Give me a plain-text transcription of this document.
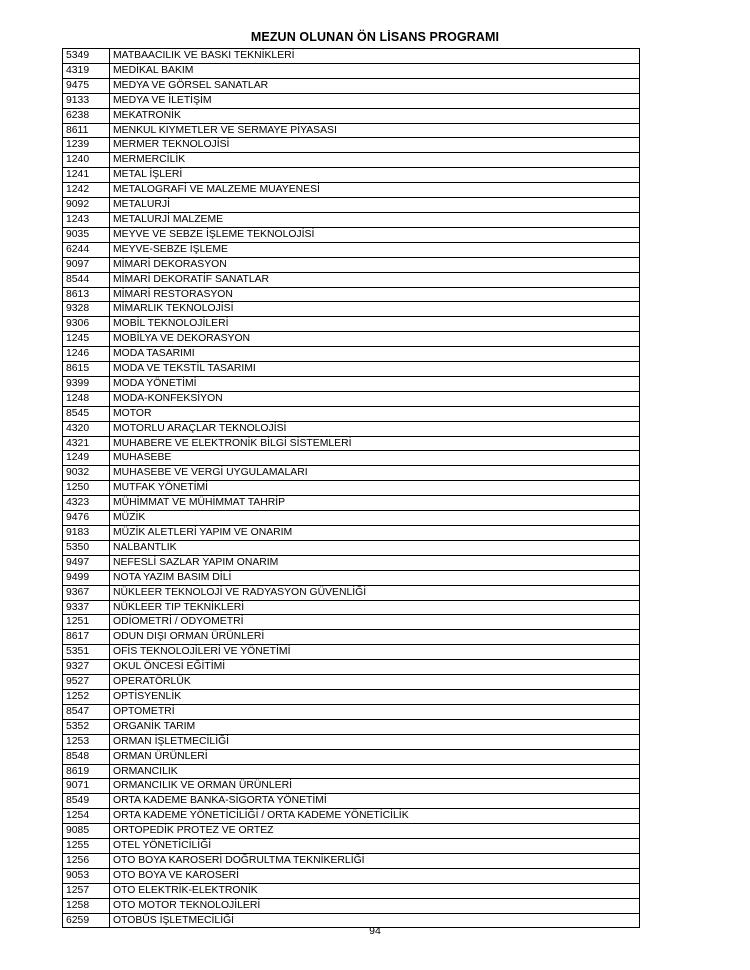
MEZUN OLUNAN ÖN LİSANS PROGRAMI
5349	MATBAACILIK VE BASKI TEKNİKLERİ
4319	MEDİKAL BAKIM
9475	MEDYA VE GÖRSEL SANATLAR
9133	MEDYA VE İLETİŞİM
6238	MEKATRONİK
8611	MENKUL KIYMETLER VE SERMAYE PİYASASI
1239	MERMER TEKNOLOJİSİ
1240	MERMERCİLİK
1241	METAL İŞLERİ
1242	METALOGRAFİ VE MALZEME MUAYENESİ
9092	METALURJİ
1243	METALURJİ MALZEME
9035	MEYVE VE SEBZE İŞLEME TEKNOLOJİSİ
6244	MEYVE-SEBZE İŞLEME
9097	MİMARİ DEKORASYON
8544	MİMARİ DEKORATİF SANATLAR
8613	MİMARİ RESTORASYON
9328	MİMARLIK TEKNOLOJİSİ
9306	MOBİL TEKNOLOJİLERİ
1245	MOBİLYA VE DEKORASYON
1246	MODA TASARIMI
8615	MODA VE TEKSTİL TASARIMI
9399	MODA YÖNETİMİ
1248	MODA-KONFEKSİYON
8545	MOTOR
4320	MOTORLU ARAÇLAR TEKNOLOJİSİ
4321	MUHABERE VE ELEKTRONİK BİLGİ SİSTEMLERİ
1249	MUHASEBE
9032	MUHASEBE VE VERGİ UYGULAMALARI
1250	MUTFAK YÖNETİMİ
4323	MÜHİMMAT VE MÜHİMMAT TAHRİP
9476	MÜZİK
9183	MÜZİK ALETLERİ YAPIM VE ONARIM
5350	NALBANTLIK
9497	NEFESLİ SAZLAR YAPIM ONARIM
9499	NOTA YAZIM BASIM DİLİ
9367	NÜKLEER TEKNOLOJİ VE RADYASYON GÜVENLİĞİ
9337	NÜKLEER TIP TEKNİKLERİ
1251	ODİOMETRİ / ODYOMETRİ
8617	ODUN DIŞI ORMAN ÜRÜNLERİ
5351	OFİS TEKNOLOJİLERİ VE YÖNETİMİ
9327	OKUL ÖNCESİ EĞİTİMİ
9527	OPERATÖRLÜK
1252	OPTİSYENLİK
8547	OPTOMETRİ
5352	ORGANİK TARIM
1253	ORMAN İŞLETMECİLİĞİ
8548	ORMAN ÜRÜNLERİ
8619	ORMANCILIK
9071	ORMANCILIK VE ORMAN ÜRÜNLERİ
8549	ORTA KADEME BANKA-SİGORTA YÖNETİMİ
1254	ORTA KADEME YÖNETİCİLİĞİ / ORTA KADEME YÖNETİCİLİK
9085	ORTOPEDİK PROTEZ VE ORTEZ
1255	OTEL YÖNETİCİLİĞİ
1256	OTO BOYA KAROSERİ DOĞRULTMA TEKNİKERLİĞİ
9053	OTO BOYA VE KAROSERİ
1257	OTO ELEKTRİK-ELEKTRONİK
1258	OTO MOTOR TEKNOLOJİLERİ
6259	OTOBÜS İŞLETMECİLİĞİ
94
